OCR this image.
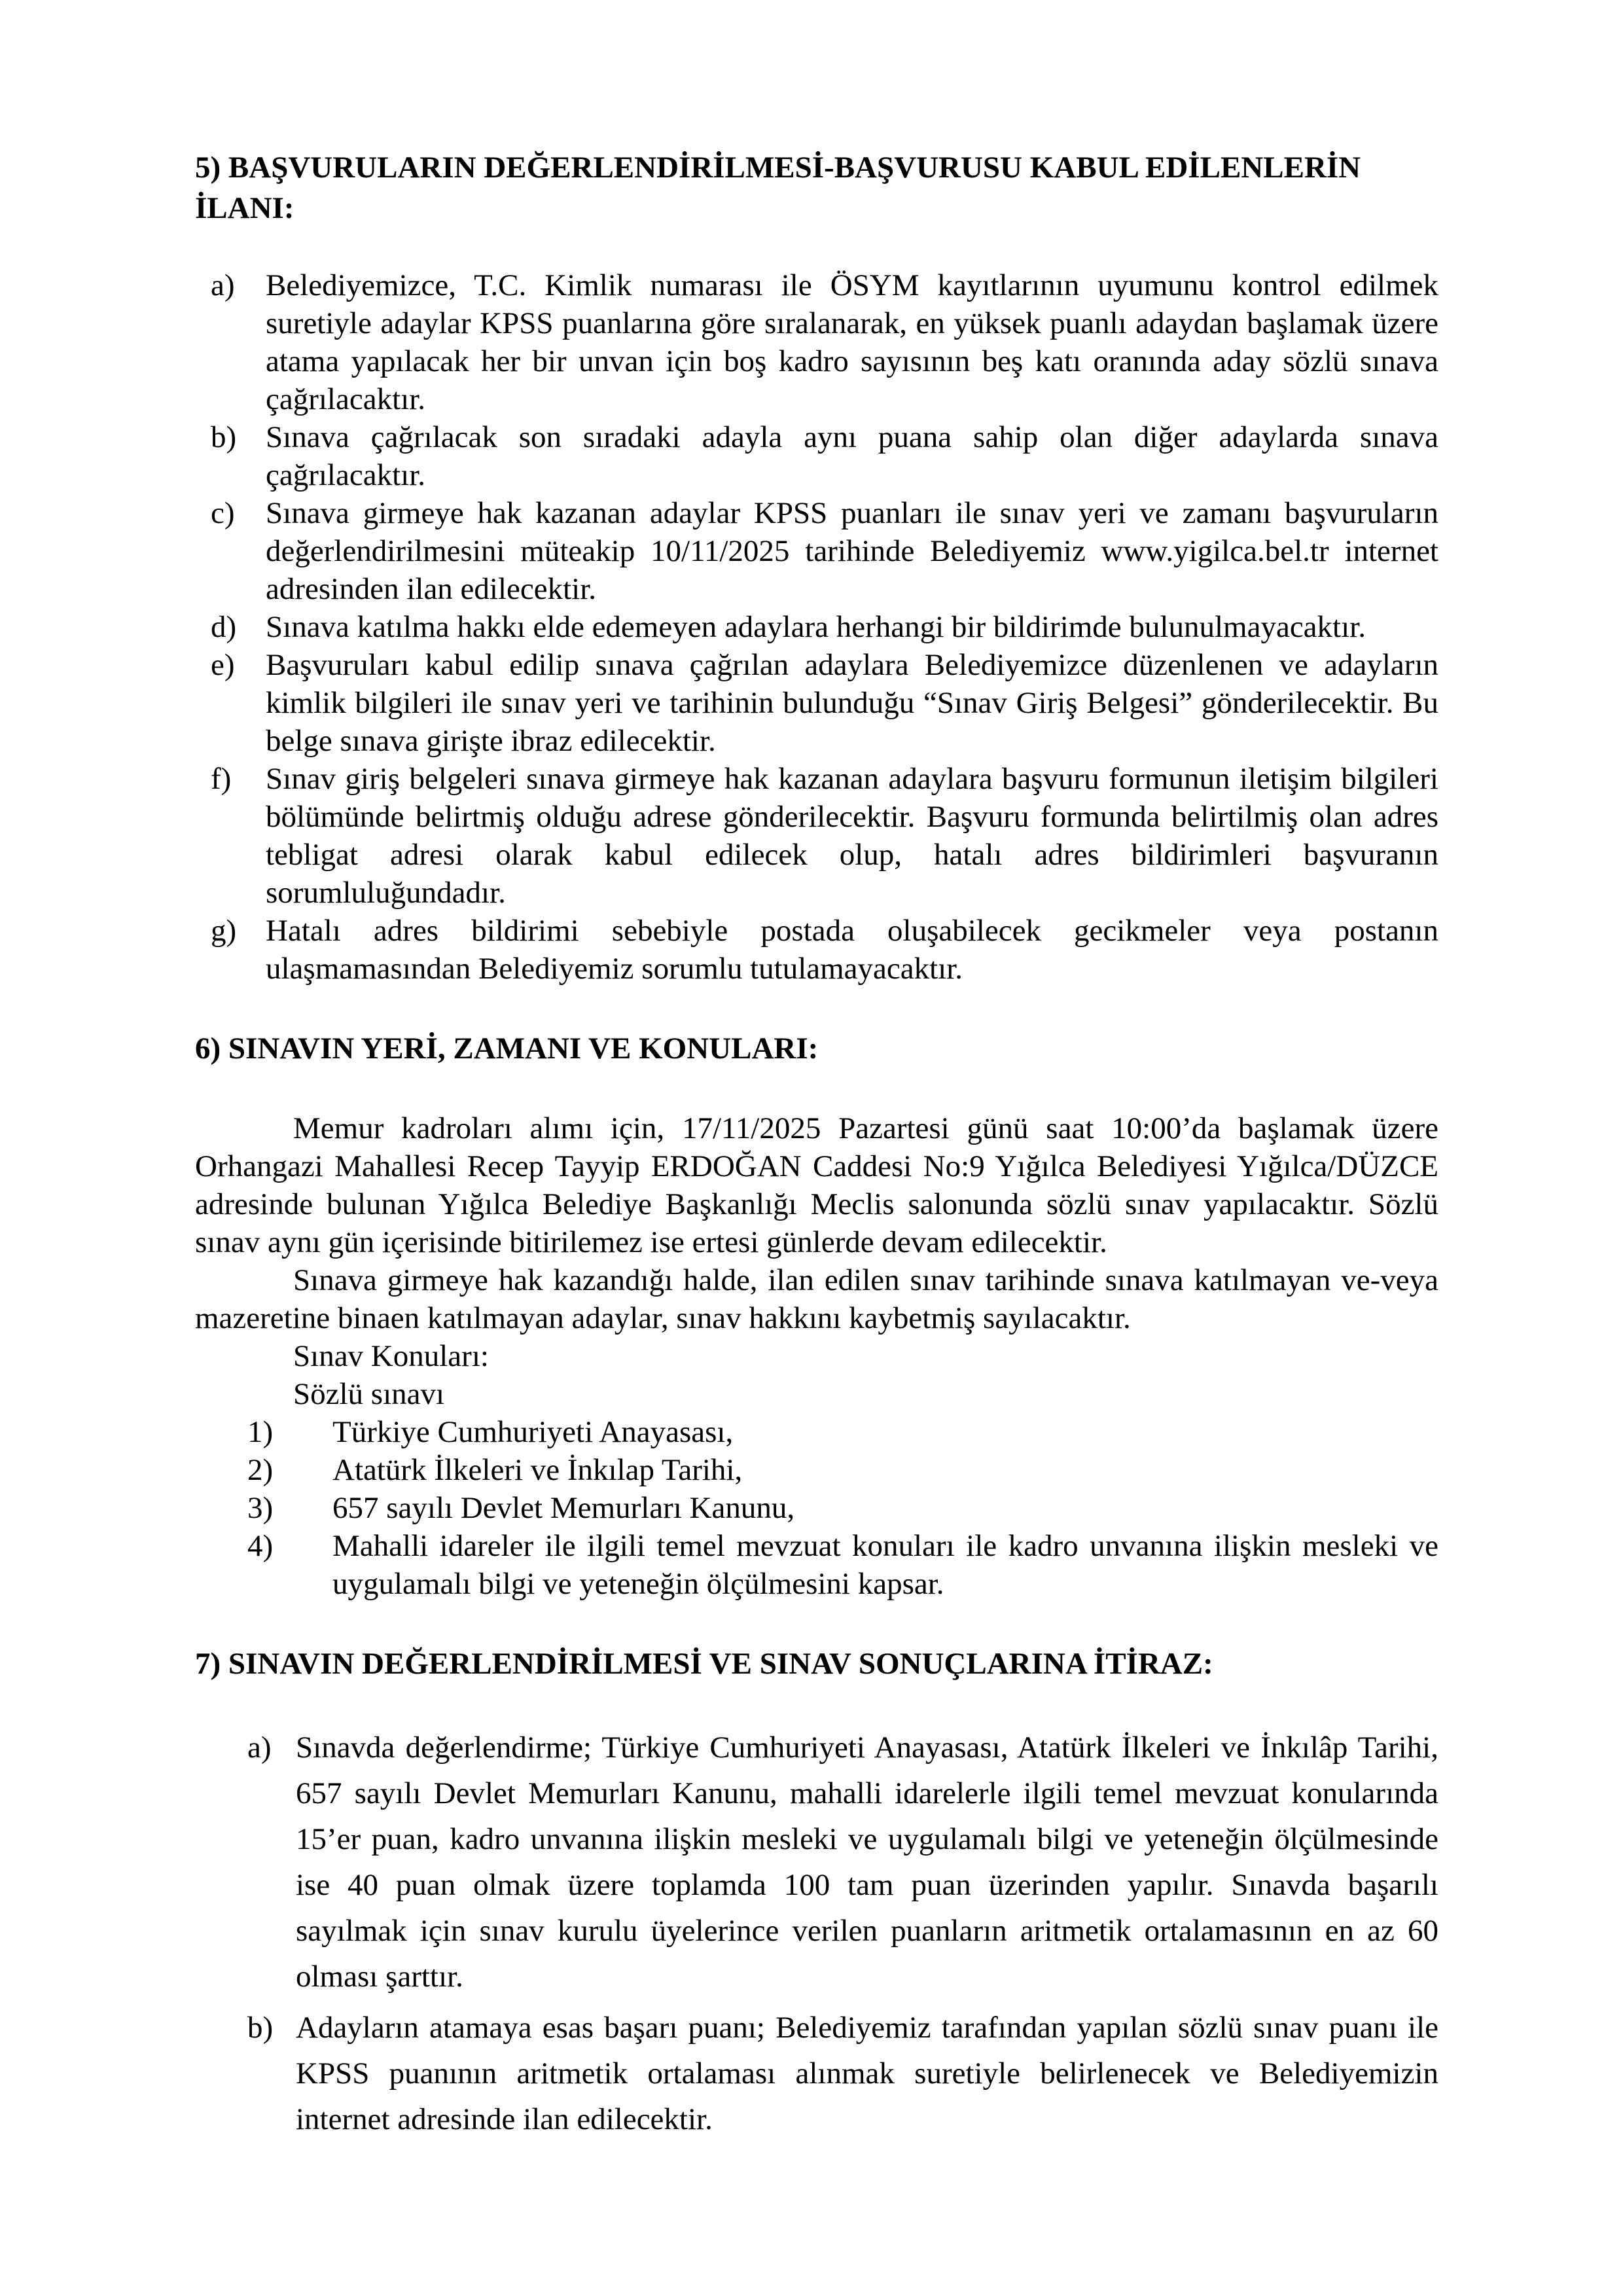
5) BAŞVURULARIN DEĞERLENDİRİLMESİ-BAŞVURUSU KABUL EDİLENLERİN İLANI:
a) Belediyemizce, T.C. Kimlik numarası ile ÖSYM kayıtlarının uyumunu kontrol edilmek suretiyle adaylar KPSS puanlarına göre sıralanarak, en yüksek puanlı adaydan başlamak üzere atama yapılacak her bir unvan için boş kadro sayısının beş katı oranında aday sözlü sınava çağrılacaktır.
b) Sınava çağrılacak son sıradaki adayla aynı puana sahip olan diğer adaylarda sınava çağrılacaktır.
c) Sınava girmeye hak kazanan adaylar KPSS puanları ile sınav yeri ve zamanı başvuruların değerlendirilmesini müteakip 10/11/2025 tarihinde Belediyemiz www.yigilca.bel.tr internet adresinden ilan edilecektir.
d) Sınava katılma hakkı elde edemeyen adaylara herhangi bir bildirimde bulunulmayacaktır.
e) Başvuruları kabul edilip sınava çağrılan adaylara Belediyemizce düzenlenen ve adayların kimlik bilgileri ile sınav yeri ve tarihinin bulunduğu “Sınav Giriş Belgesi” gönderilecektir. Bu belge sınava girişte ibraz edilecektir.
f) Sınav giriş belgeleri sınava girmeye hak kazanan adaylara başvuru formunun iletişim bilgileri bölümünde belirtmiş olduğu adrese gönderilecektir. Başvuru formunda belirtilmiş olan adres tebligat adresi olarak kabul edilecek olup, hatalı adres bildirimleri başvuranın sorumluluğundadır.
g) Hatalı adres bildirimi sebebiyle postada oluşabilecek gecikmeler veya postanın ulaşmamasından Belediyemiz sorumlu tutulamayacaktır.
6) SINAVIN YERİ, ZAMANI VE KONULARI:

Memur kadroları alımı için, 17/11/2025 Pazartesi günü saat 10:00’da başlamak üzere Orhangazi Mahallesi Recep Tayyip ERDOĞAN Caddesi No:9 Yığılca Belediyesi Yığılca/DÜZCE adresinde bulunan Yığılca Belediye Başkanlığı Meclis salonunda sözlü sınav yapılacaktır. Sözlü sınav aynı gün içerisinde bitirilemez ise ertesi günlerde devam edilecektir.

Sınava girmeye hak kazandığı halde, ilan edilen sınav tarihinde sınava katılmayan ve-veya mazeretine binaen katılmayan adaylar, sınav hakkını kaybetmiş sayılacaktır.

Sınav Konuları:

Sözlü sınavı

1)	Türkiye Cumhuriyeti Anayasası,
2)	Atatürk İlkeleri ve İnkılap Tarihi,
3)	657 sayılı Devlet Memurları Kanunu,
4)	Mahalli idareler ile ilgili temel mevzuat konuları ile kadro unvanına ilişkin mesleki ve uygulamalı bilgi ve yeteneğin ölçülmesini kapsar.
7) SINAVIN DEĞERLENDİRİLMESİ VE SINAV SONUÇLARINA İTİRAZ:
a) Sınavda değerlendirme; Türkiye Cumhuriyeti Anayasası, Atatürk İlkeleri ve İnkılâp Tarihi, 657 sayılı Devlet Memurları Kanunu, mahalli idarelerle ilgili temel mevzuat konularında 15’er puan, kadro unvanına ilişkin mesleki ve uygulamalı bilgi ve yeteneğin ölçülmesinde ise 40 puan olmak üzere toplamda 100 tam puan üzerinden yapılır. Sınavda başarılı sayılmak için sınav kurulu üyelerince verilen puanların aritmetik ortalamasının en az 60 olması şarttır.
b) Adayların atamaya esas başarı puanı; Belediyemiz tarafından yapılan sözlü sınav puanı ile KPSS puanının aritmetik ortalaması alınmak suretiyle belirlenecek ve Belediyemizin internet adresinde ilan edilecektir.
